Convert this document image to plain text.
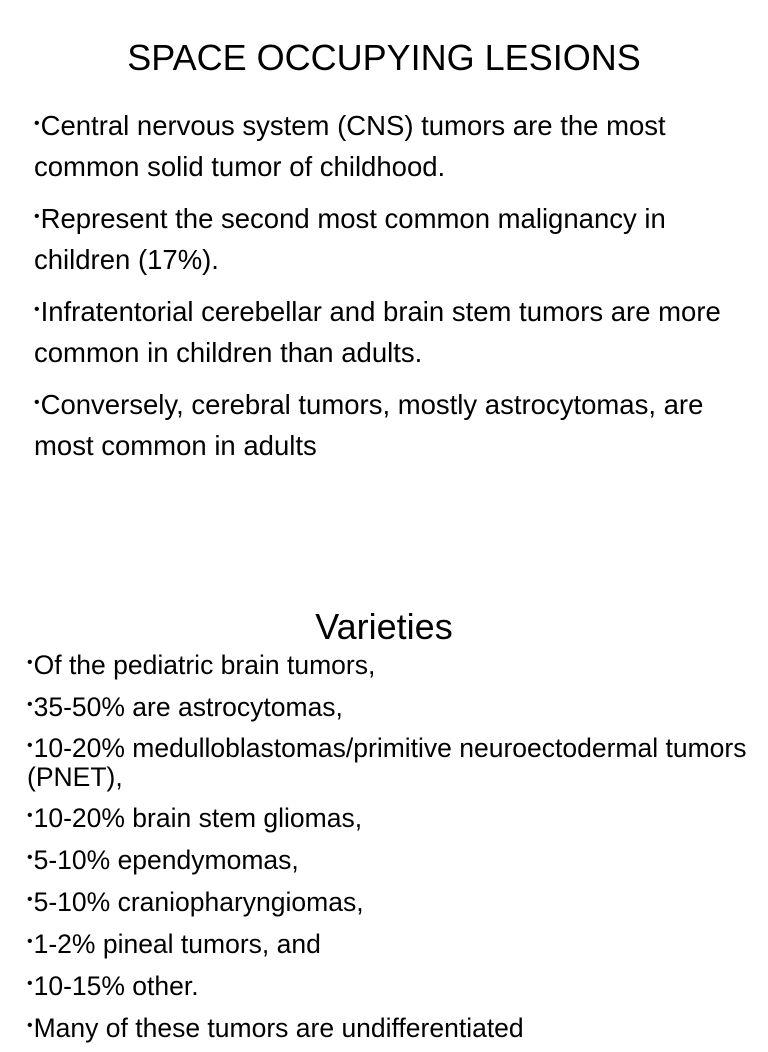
SPACE OCCUPYING LESIONS
•Central nervous system (CNS) tumors are the most common solid tumor of childhood.
•Represent the second most common malignancy in children (17%).
•Infratentorial cerebellar and brain stem tumors are more common in children than adults.
•Conversely, cerebral tumors, mostly astrocytomas, are most common in adults
Varieties
•Of the pediatric brain tumors,
•35-50% are astrocytomas,
•10-20% medulloblastomas/primitive neuroectodermal tumors (PNET),
•10-20% brain stem gliomas,
•5-10% ependymomas,
•5-10% craniopharyngiomas,
•1-2% pineal tumors, and
•10-15% other.
•Many of these tumors are undifferentiated
